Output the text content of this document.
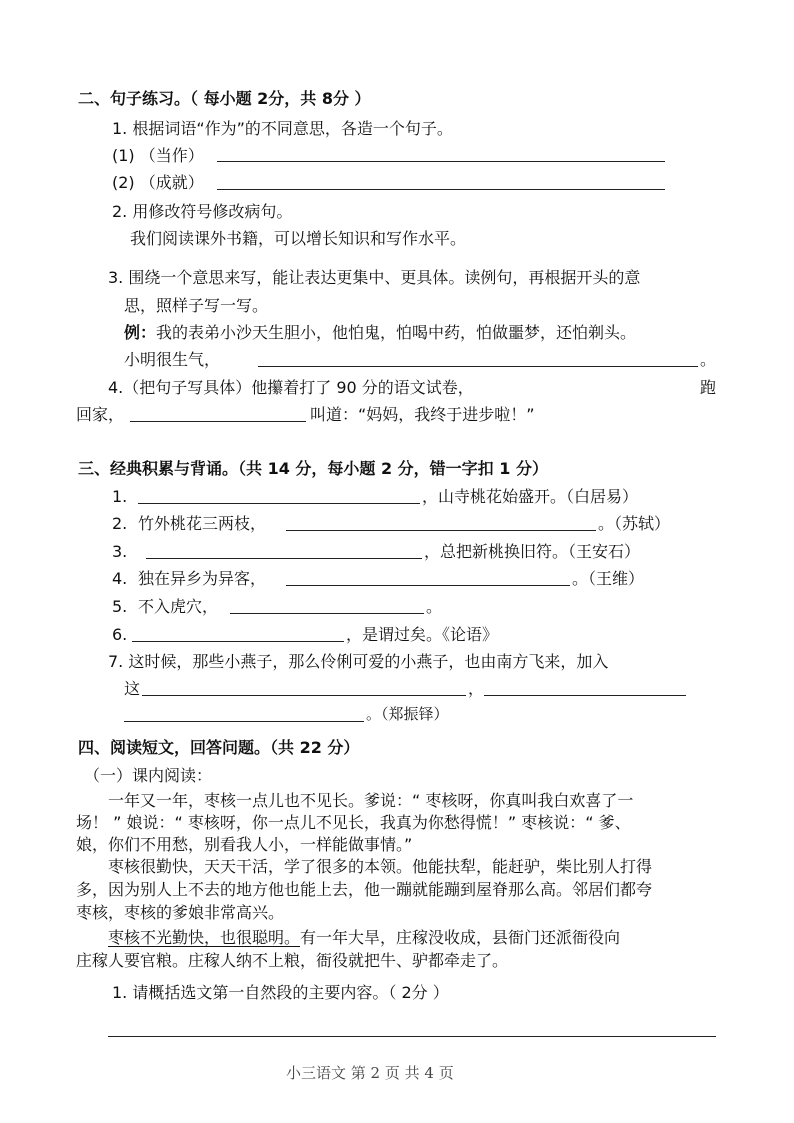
二、句子练习。（ 每小题 2分，共 8分 ）
1. 根据词语“作为”的不同意思，各造一个句子。
(1) （当作）
(2) （成就）
2. 用修改符号修改病句。
我们阅读课外书籍，可以增长知识和写作水平。
3. 围绕一个意思来写，能让表达更集中、更具体。读例句，再根据开头的意
思，照样子写一写。
例：我的表弟小沙天生胆小，他怕鬼，怕喝中药，怕做噩梦，还怕剃头。
小明很生气，	。
4.（把句子写具体）他攥着打了 90 分的语文试卷，	跑
回家，	叫道：“妈妈，我终于进步啦！”
三、经典积累与背诵。（共 14 分，每小题 2 分，错一字扣 1 分）
1.	，山寺桃花始盛开。（白居易）
2. 竹外桃花三两枝，	。（苏轼）
3.	，总把新桃换旧符。（王安石）
4. 独在异乡为异客，	。（王维）
5. 不入虎穴，	。
6.	，是谓过矣。《论语》
7. 这时候，那些小燕子，那么伶俐可爱的小燕子，也由南方飞来，加入
这	，
。（郑振铎）
四、阅读短文，回答问题。（共 22 分）
（一）课内阅读：
一年又一年，枣核一点儿也不见长。爹说：“ 枣核呀，你真叫我白欢喜了一
场！ ” 娘说：“ 枣核呀，你一点儿不见长，我真为你愁得慌！” 枣核说：“ 爹、
娘，你们不用愁，别看我人小，一样能做事情。”
枣核很勤快，天天干活，学了很多的本领。他能扶犁，能赶驴，柴比别人打得
多，因为别人上不去的地方他也能上去，他一蹦就能蹦到屋脊那么高。邻居们都夸
枣核，枣核的爹娘非常高兴。
枣核不光勤快，也很聪明。有一年大旱，庄稼没收成，县衙门还派衙役向
庄稼人要官粮。庄稼人纳不上粮，衙役就把牛、驴都牵走了。
1. 请概括选文第一自然段的主要内容。（ 2分 ）
小三语文 第 2 页 共 4 页
